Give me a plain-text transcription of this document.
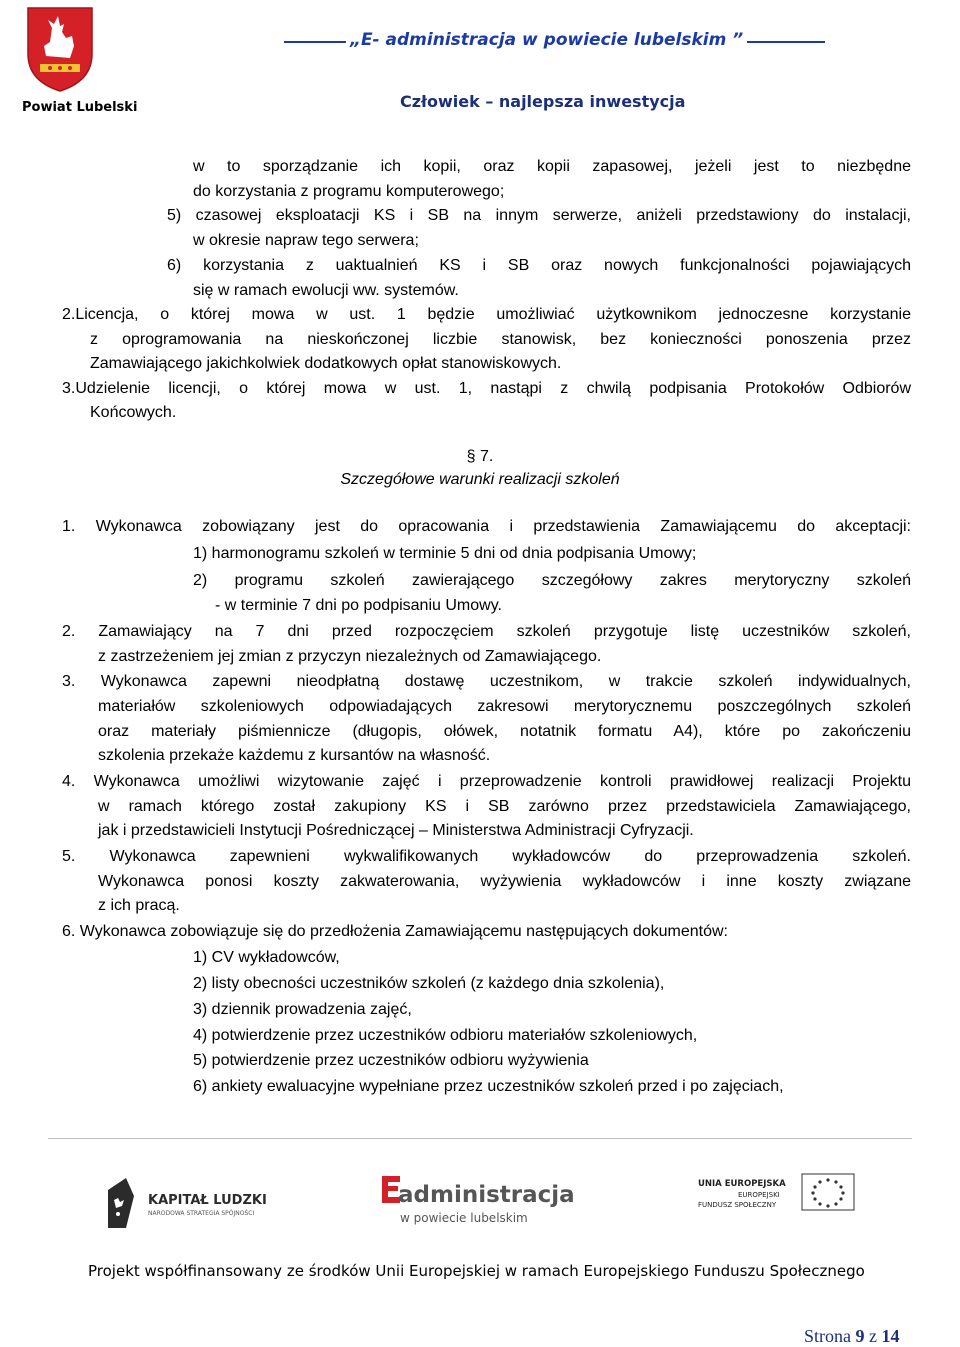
Powiat Lubelski
„E- administracja w powiecie lubelskim ”
Człowiek – najlepsza inwestycja
w to sporządzanie ich kopii, oraz kopii zapasowej, jeżeli jest to niezbędne
do korzystania z programu komputerowego;
5) czasowej eksploatacji KS i SB na innym serwerze, aniżeli przedstawiony do instalacji,
w okresie napraw tego serwera;
6) korzystania z uaktualnień KS i SB oraz nowych funkcjonalności pojawiających
się w ramach ewolucji ww. systemów.
2.Licencja, o której mowa w ust. 1 będzie umożliwiać użytkownikom jednoczesne korzystanie
z oprogramowania na nieskończonej liczbie stanowisk, bez konieczności ponoszenia przez
Zamawiającego jakichkolwiek dodatkowych opłat stanowiskowych.
3.Udzielenie licencji, o której mowa w ust. 1, nastąpi z chwilą podpisania Protokołów Odbiorów
Końcowych.
§ 7.
Szczegółowe warunki realizacji szkoleń
1. Wykonawca zobowiązany jest do opracowania i przedstawienia Zamawiającemu do akceptacji:
1) harmonogramu szkoleń w terminie 5 dni od dnia podpisania Umowy;
2) programu szkoleń zawierającego szczegółowy zakres merytoryczny szkoleń
- w terminie 7 dni po podpisaniu Umowy.
2. Zamawiający na 7 dni przed rozpoczęciem szkoleń przygotuje listę uczestników szkoleń,
z zastrzeżeniem jej zmian z przyczyn niezależnych od Zamawiającego.
3. Wykonawca zapewni nieodpłatną dostawę uczestnikom, w trakcie szkoleń indywidualnych,
materiałów szkoleniowych odpowiadających zakresowi merytorycznemu poszczególnych szkoleń
oraz materiały piśmiennicze (długopis, ołówek, notatnik formatu A4), które po zakończeniu
szkolenia przekaże każdemu z kursantów na własność.
4. Wykonawca umożliwi wizytowanie zajęć i przeprowadzenie kontroli prawidłowej realizacji Projektu
w ramach którego został zakupiony KS i SB zarówno przez przedstawiciela Zamawiającego,
jak i przedstawicieli Instytucji Pośredniczącej – Ministerstwa Administracji Cyfryzacji.
5. Wykonawca zapewnieni wykwalifikowanych wykładowców do przeprowadzenia szkoleń.
Wykonawca ponosi koszty zakwaterowania, wyżywienia wykładowców i inne koszty związane
z ich pracą.
6. Wykonawca zobowiązuje się do przedłożenia Zamawiającemu następujących dokumentów:
1) CV wykładowców,
2) listy obecności uczestników szkoleń (z każdego dnia szkolenia),
3) dziennik prowadzenia zajęć,
4) potwierdzenie przez uczestników odbioru materiałów szkoleniowych,
5) potwierdzenie przez uczestników odbioru wyżywienia
6) ankiety ewaluacyjne wypełniane przez uczestników szkoleń przed i po zajęciach,
KAPITAŁ LUDZKI
NARODOWA STRATEGIA SPÓJNOŚCI
administracja
w powiecie lubelskim
UNIA EUROPEJSKA
EUROPEJSKI
FUNDUSZ SPOŁECZNY
Projekt współfinansowany ze środków Unii Europejskiej w ramach Europejskiego Funduszu Społecznego
Strona 9 z 14
